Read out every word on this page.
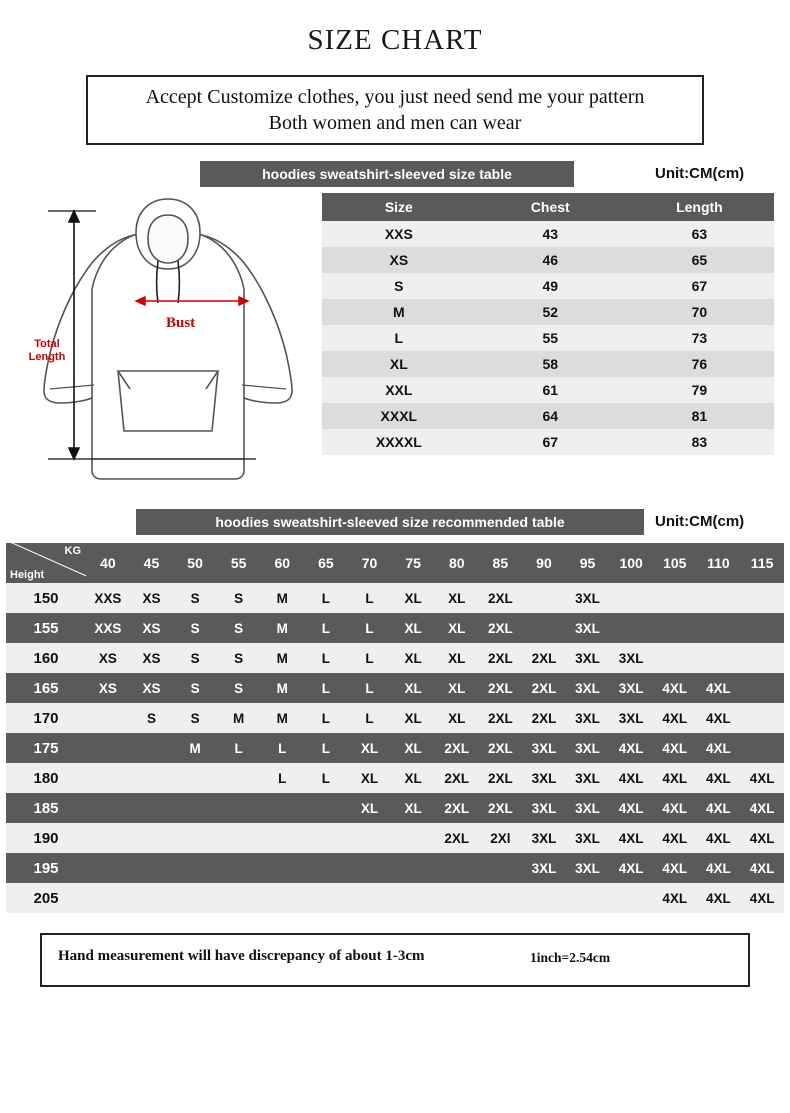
SIZE CHART
Accept Customize clothes, you just need send me your pattern
Both women and men can wear
hoodies sweatshirt-sleeved size table	Unit:CM(cm)
Bust
Total
Length
Size	Chest	Length
XXS	43	63
XS	46	65
S	49	67
M	52	70
L	55	73
XL	58	76
XXL	61	79
XXXL	64	81
XXXXL	67	83
hoodies sweatshirt-sleeved size recommended table	Unit:CM(cm)
KG
Height	40	45	50	55	60	65	70	75	80	85	90	95	100	105	110	115
150	XXS	XS	S	S	M	L	L	XL	XL	2XL		3XL				
155	XXS	XS	S	S	M	L	L	XL	XL	2XL		3XL				
160	XS	XS	S	S	M	L	L	XL	XL	2XL	2XL	3XL	3XL			
165	XS	XS	S	S	M	L	L	XL	XL	2XL	2XL	3XL	3XL	4XL	4XL	
170		S	S	M	M	L	L	XL	XL	2XL	2XL	3XL	3XL	4XL	4XL	
175			M	L	L	L	XL	XL	2XL	2XL	3XL	3XL	4XL	4XL	4XL	
180					L	L	XL	XL	2XL	2XL	3XL	3XL	4XL	4XL	4XL	4XL
185							XL	XL	2XL	2XL	3XL	3XL	4XL	4XL	4XL	4XL
190									2XL	2Xl	3XL	3XL	4XL	4XL	4XL	4XL
195											3XL	3XL	4XL	4XL	4XL	4XL
205														4XL	4XL	4XL
Hand measurement will have discrepancy of about 1-3cm	1inch=2.54cm
